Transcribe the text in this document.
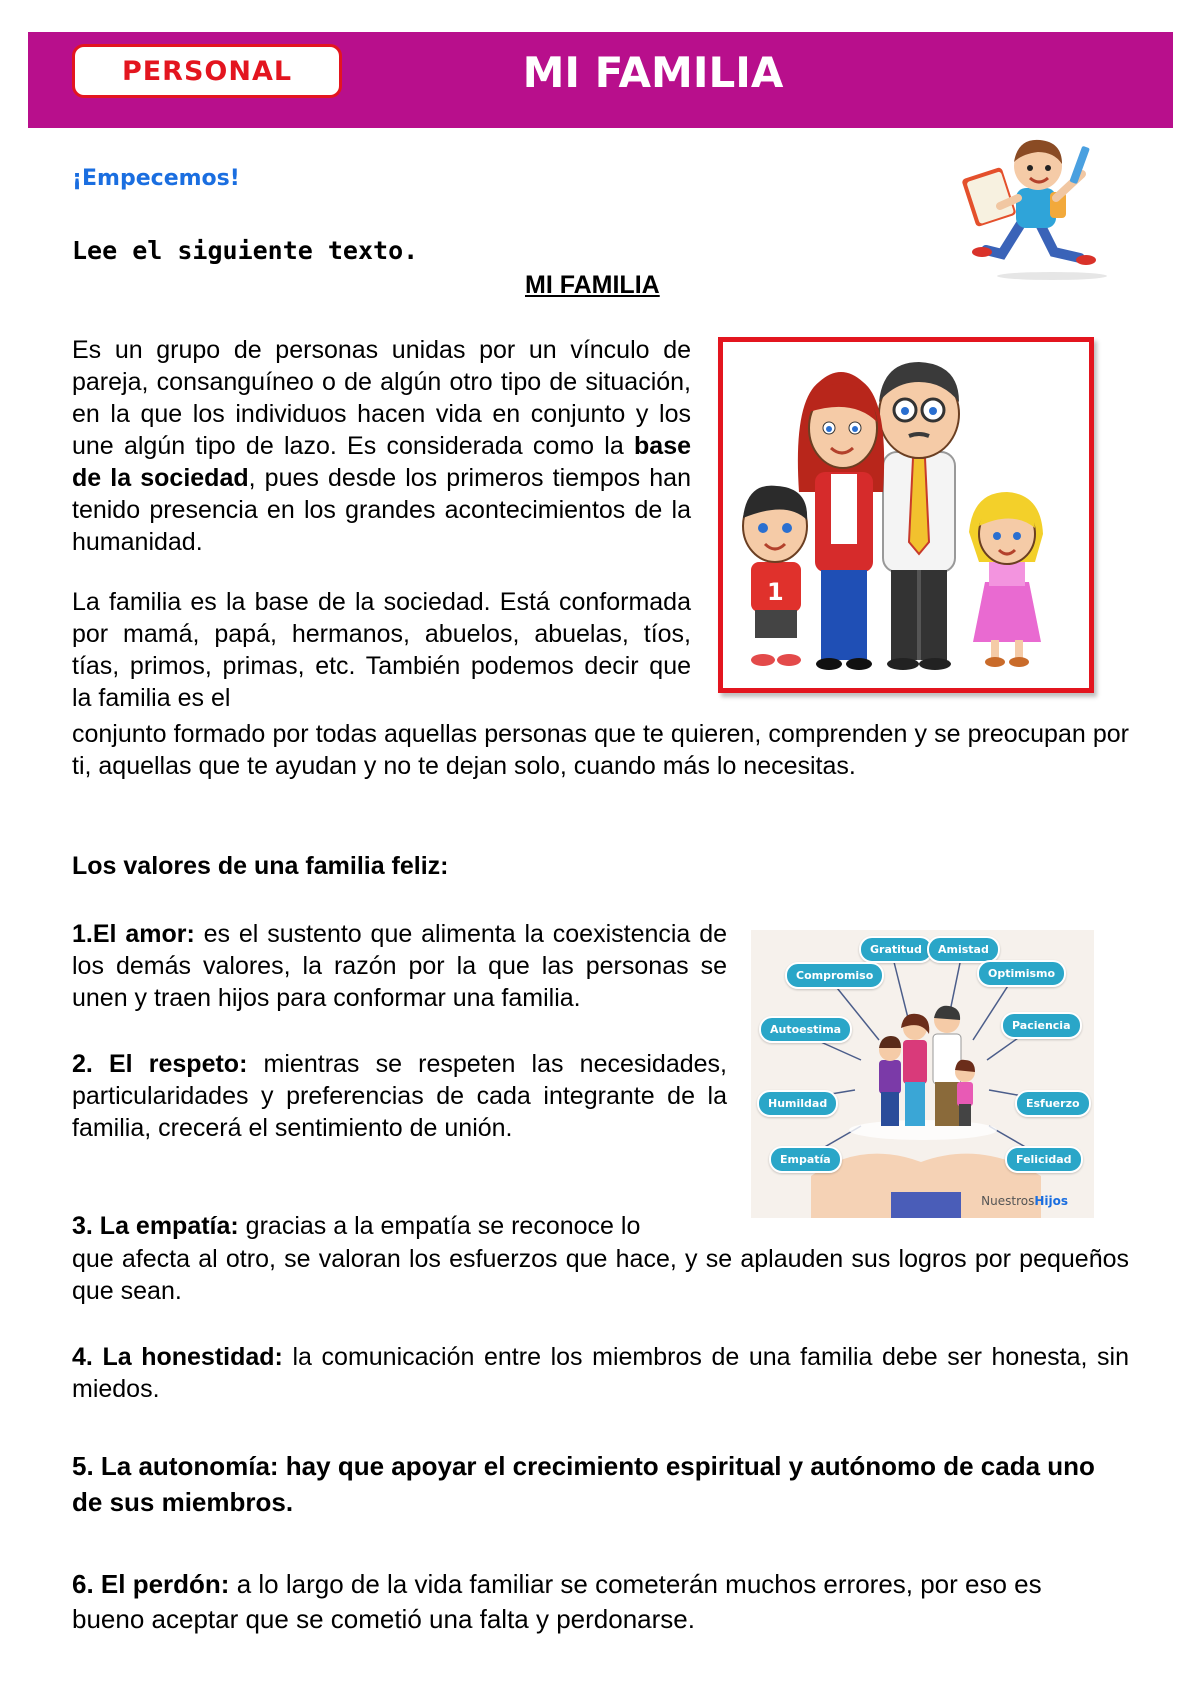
PERSONAL	MI FAMILIA
¡Empecemos!
Lee el siguiente texto.
MI FAMILIA
Es un grupo de personas unidas por un vínculo de pareja, consanguíneo o de algún otro tipo de situación, en la que los individuos hacen vida en conjunto y los une algún tipo de lazo. Es considerada como la base de la sociedad, pues desde los primeros tiempos han tenido presencia en los grandes acontecimientos de la humanidad.
1
La familia es la base de la sociedad. Está conformada por mamá, papá, hermanos, abuelos, abuelas, tíos, tías, primos, primas, etc. También podemos decir que la familia es el
conjunto formado por todas aquellas personas que te quieren, comprenden y se preocupan por ti, aquellas que te ayudan y no te dejan solo, cuando más lo necesitas.
Los valores de una familia feliz:
1.El amor: es el sustento que alimenta la coexistencia de los demás valores, la razón por la que las personas se unen y traen hijos para conformar una familia.
2. El respeto: mientras se respeten las necesidades, particularidades y preferencias de cada integrante de la familia, crecerá el sentimiento de unión.
Gratitud	Amistad
Compromiso	Optimismo
Autoestima	Paciencia
Humildad	Esfuerzo
Empatía	Felicidad
NuestrosHijos
3. La empatía: gracias a la empatía se reconoce lo
que afecta al otro, se valoran los esfuerzos que hace, y se aplauden sus logros por pequeños que sean.
4. La honestidad: la comunicación entre los miembros de una familia debe ser honesta, sin miedos.
5. La autonomía: hay que apoyar el crecimiento espiritual y autónomo de cada uno de sus miembros.
6. El perdón: a lo largo de la vida familiar se cometerán muchos errores, por eso es bueno aceptar que se cometió una falta y perdonarse.
